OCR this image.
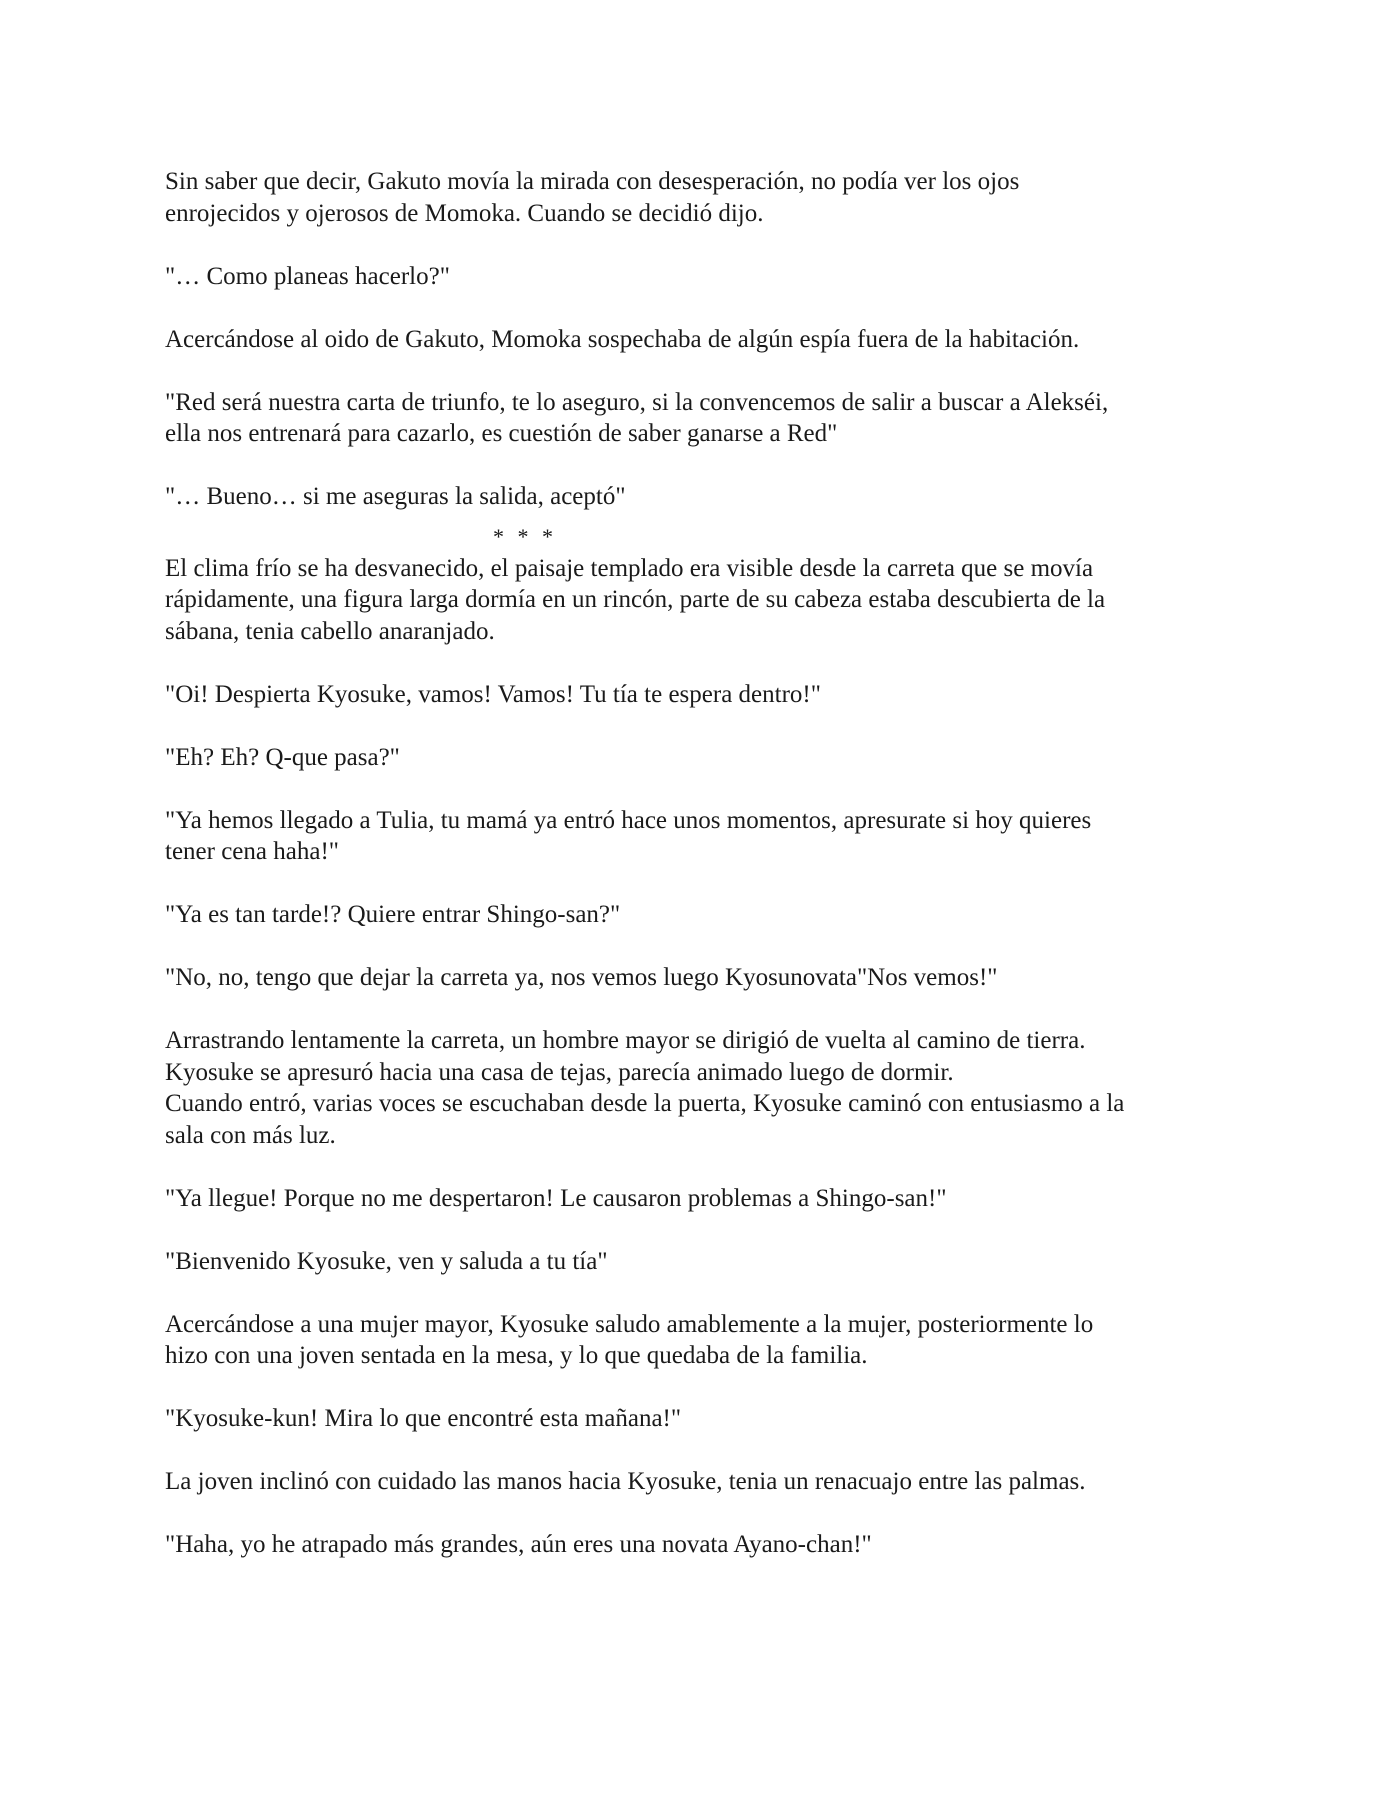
Sin saber que decir, Gakuto movía la mirada con desesperación, no podía ver los ojos
enrojecidos y ojerosos de Momoka. Cuando se decidió dijo.

"… Como planeas hacerlo?"

Acercándose al oido de Gakuto, Momoka sospechaba de algún espía fuera de la habitación.

"Red será nuestra carta de triunfo, te lo aseguro, si la convencemos de salir a buscar a Alekséi,
ella nos entrenará para cazarlo, es cuestión de saber ganarse a Red"

"… Bueno… si me aseguras la salida, aceptó"

* * *

El clima frío se ha desvanecido, el paisaje templado era visible desde la carreta que se movía
rápidamente, una figura larga dormía en un rincón, parte de su cabeza estaba descubierta de la
sábana, tenia cabello anaranjado.

"Oi! Despierta Kyosuke, vamos! Vamos! Tu tía te espera dentro!"

"Eh? Eh? Q-que pasa?"

"Ya hemos llegado a Tulia, tu mamá ya entró hace unos momentos, apresurate si hoy quieres
tener cena haha!"

"Ya es tan tarde!? Quiere entrar Shingo-san?"

"No, no, tengo que dejar la carreta ya, nos vemos luego Kyosunovata"Nos vemos!"

Arrastrando lentamente la carreta, un hombre mayor se dirigió de vuelta al camino de tierra.
Kyosuke se apresuró hacia una casa de tejas, parecía animado luego de dormir.
Cuando entró, varias voces se escuchaban desde la puerta, Kyosuke caminó con entusiasmo a la
sala con más luz.

"Ya llegue! Porque no me despertaron! Le causaron problemas a Shingo-san!"

"Bienvenido Kyosuke, ven y saluda a tu tía"

Acercándose a una mujer mayor, Kyosuke saludo amablemente a la mujer, posteriormente lo
hizo con una joven sentada en la mesa, y lo que quedaba de la familia.

"Kyosuke-kun! Mira lo que encontré esta mañana!"

La joven inclinó con cuidado las manos hacia Kyosuke, tenia un renacuajo entre las palmas.

"Haha, yo he atrapado más grandes, aún eres una novata Ayano-chan!"
